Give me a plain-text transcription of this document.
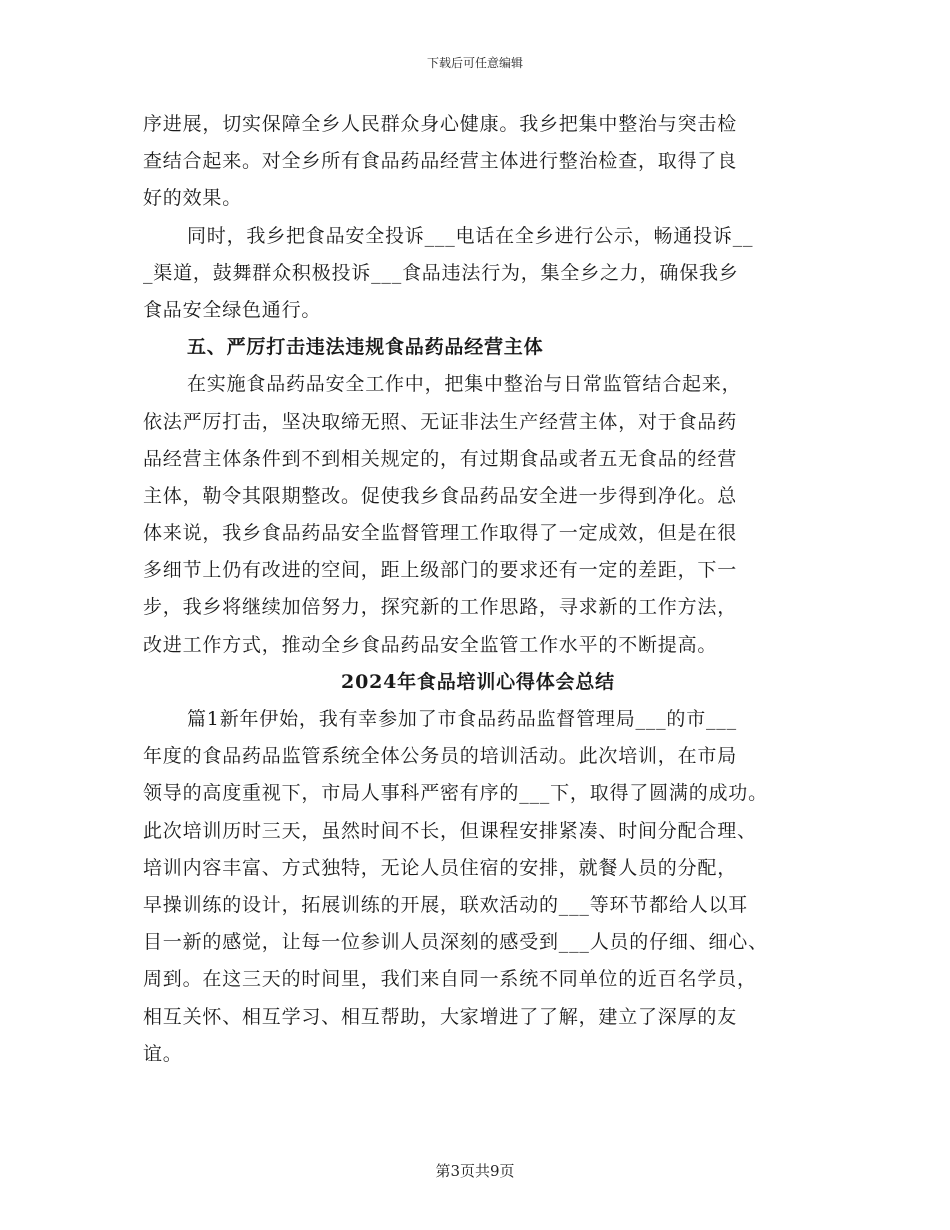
下载后可任意编辑
序进展，切实保障全乡人民群众身心健康。我乡把集中整治与突击检
查结合起来。对全乡所有食品药品经营主体进行整治检查，取得了良
好的效果。
同时，我乡把食品安全投诉___电话在全乡进行公示，畅通投诉__
_渠道，鼓舞群众积极投诉___食品违法行为，集全乡之力，确保我乡
食品安全绿色通行。
五、严厉打击违法违规食品药品经营主体
在实施食品药品安全工作中，把集中整治与日常监管结合起来，
依法严厉打击，坚决取缔无照、无证非法生产经营主体，对于食品药
品经营主体条件到不到相关规定的，有过期食品或者五无食品的经营
主体，勒令其限期整改。促使我乡食品药品安全进一步得到净化。总
体来说，我乡食品药品安全监督管理工作取得了一定成效，但是在很
多细节上仍有改进的空间，距上级部门的要求还有一定的差距，下一
步，我乡将继续加倍努力，探究新的工作思路，寻求新的工作方法，
改进工作方式，推动全乡食品药品安全监管工作水平的不断提高。
2024年食品培训心得体会总结
篇1新年伊始，我有幸参加了市食品药品监督管理局___的市___
年度的食品药品监管系统全体公务员的培训活动。此次培训，在市局
领导的高度重视下，市局人事科严密有序的___下，取得了圆满的成功。
此次培训历时三天，虽然时间不长，但课程安排紧凑、时间分配合理、
培训内容丰富、方式独特，无论人员住宿的安排，就餐人员的分配，
早操训练的设计，拓展训练的开展，联欢活动的___等环节都给人以耳
目一新的感觉，让每一位参训人员深刻的感受到___人员的仔细、细心、
周到。在这三天的时间里，我们来自同一系统不同单位的近百名学员，
相互关怀、相互学习、相互帮助，大家增进了了解，建立了深厚的友
谊。
第3页共9页
